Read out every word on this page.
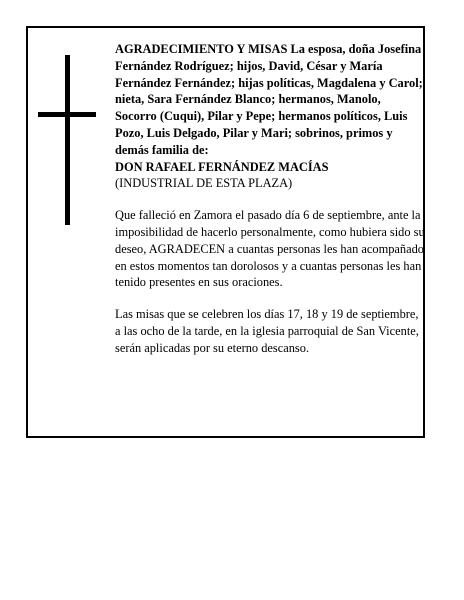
AGRADECIMIENTO Y MISAS La esposa, doña Josefina Fernández Rodríguez; hijos, David, César y María Fernández Fernández; hijas políticas, Magdalena y Carol; nieta, Sara Fernández Blanco; hermanos, Manolo, Socorro (Cuqui), Pilar y Pepe; hermanos políticos, Luis Pozo, Luis Delgado, Pilar y Mari; sobrinos, primos y demás familia de:

DON RAFAEL FERNÁNDEZ MACÍAS

(INDUSTRIAL DE ESTA PLAZA)

Que falleció en Zamora el pasado día 6 de septiembre, ante la imposibilidad de hacerlo personalmente, como hubiera sido su deseo, AGRADECEN a cuantas personas les han acompañado en estos momentos tan dorolosos y a cuantas personas les han tenido presentes en sus oraciones.

Las misas que se celebren los días 17, 18 y 19 de septiembre, a las ocho de la tarde, en la iglesia parroquial de San Vicente, serán aplicadas por su eterno descanso.
